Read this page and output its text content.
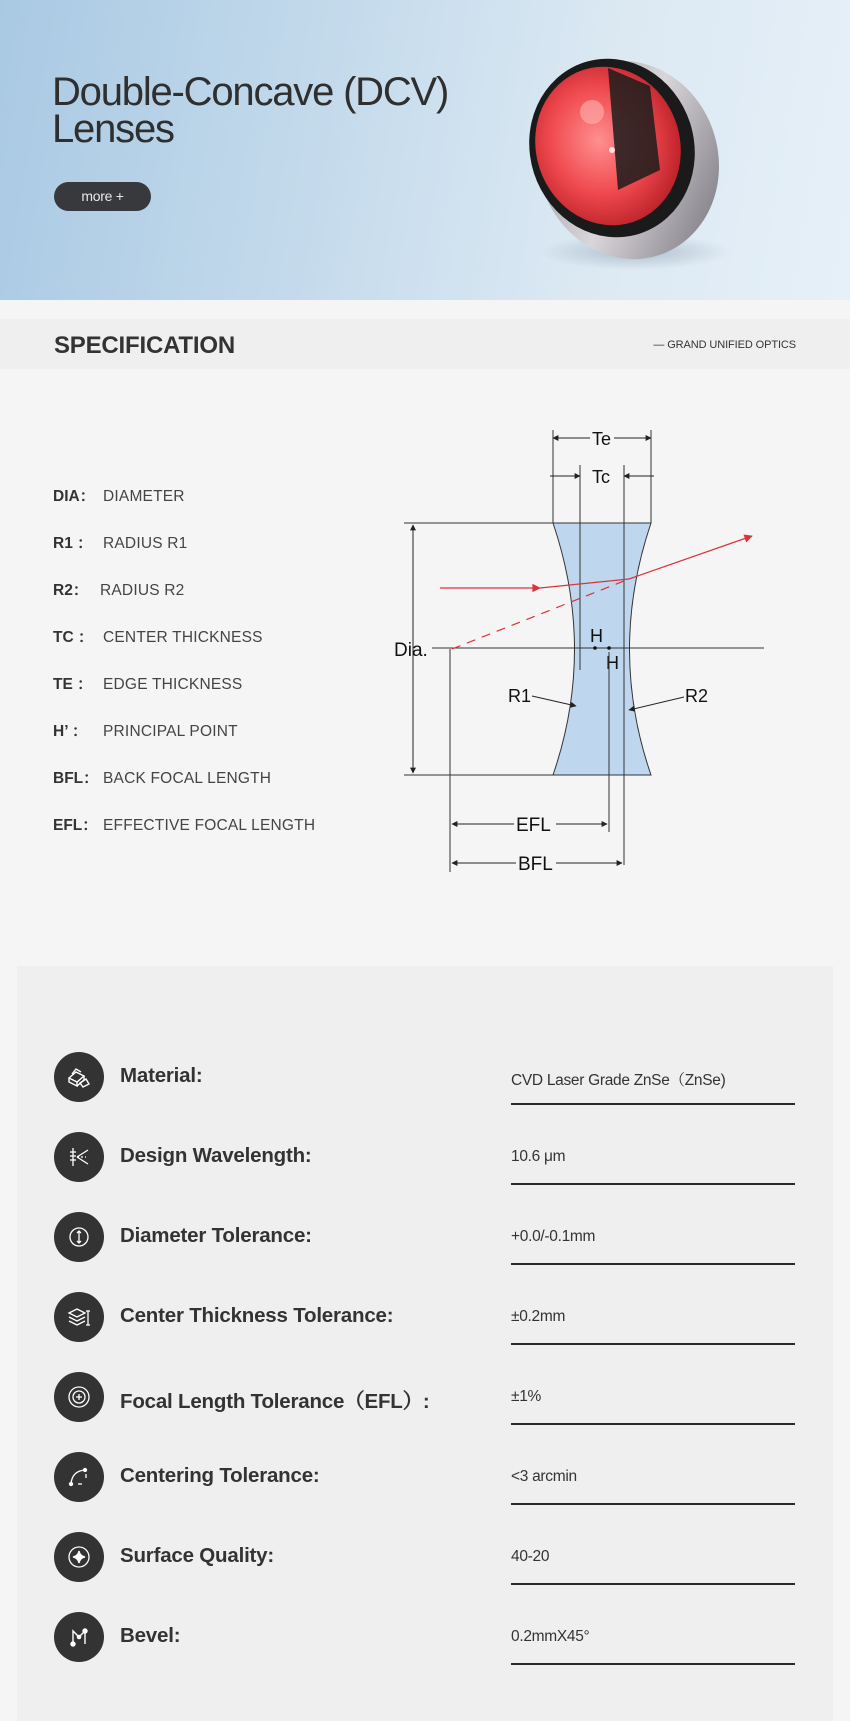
Double-Concave (DCV)
Lenses
more +
SPECIFICATION	— GRAND UNIFIED OPTICS
DIA： DIAMETER
R1 ： RADIUS R1
R2： RADIUS R2
TC ： CENTER THICKNESS
TE ： EDGE THICKNESS
H’ ： PRINCIPAL POINT
BFL： BACK FOCAL LENGTH
EFL： EFFECTIVE FOCAL LENGTH
Te
Tc
Dia.
H
H
R1	R2
EFL
BFL
Material:	CVD Laser Grade ZnSe（ZnSe)
Design Wavelength:	10.6 μm
Diameter Tolerance:	+0.0/-0.1mm
Center Thickness Tolerance:	±0.2mm
Focal Length Tolerance（EFL）:	±1%
Centering Tolerance:	<3 arcmin
Surface Quality:	40-20
Bevel:	0.2mmX45°
